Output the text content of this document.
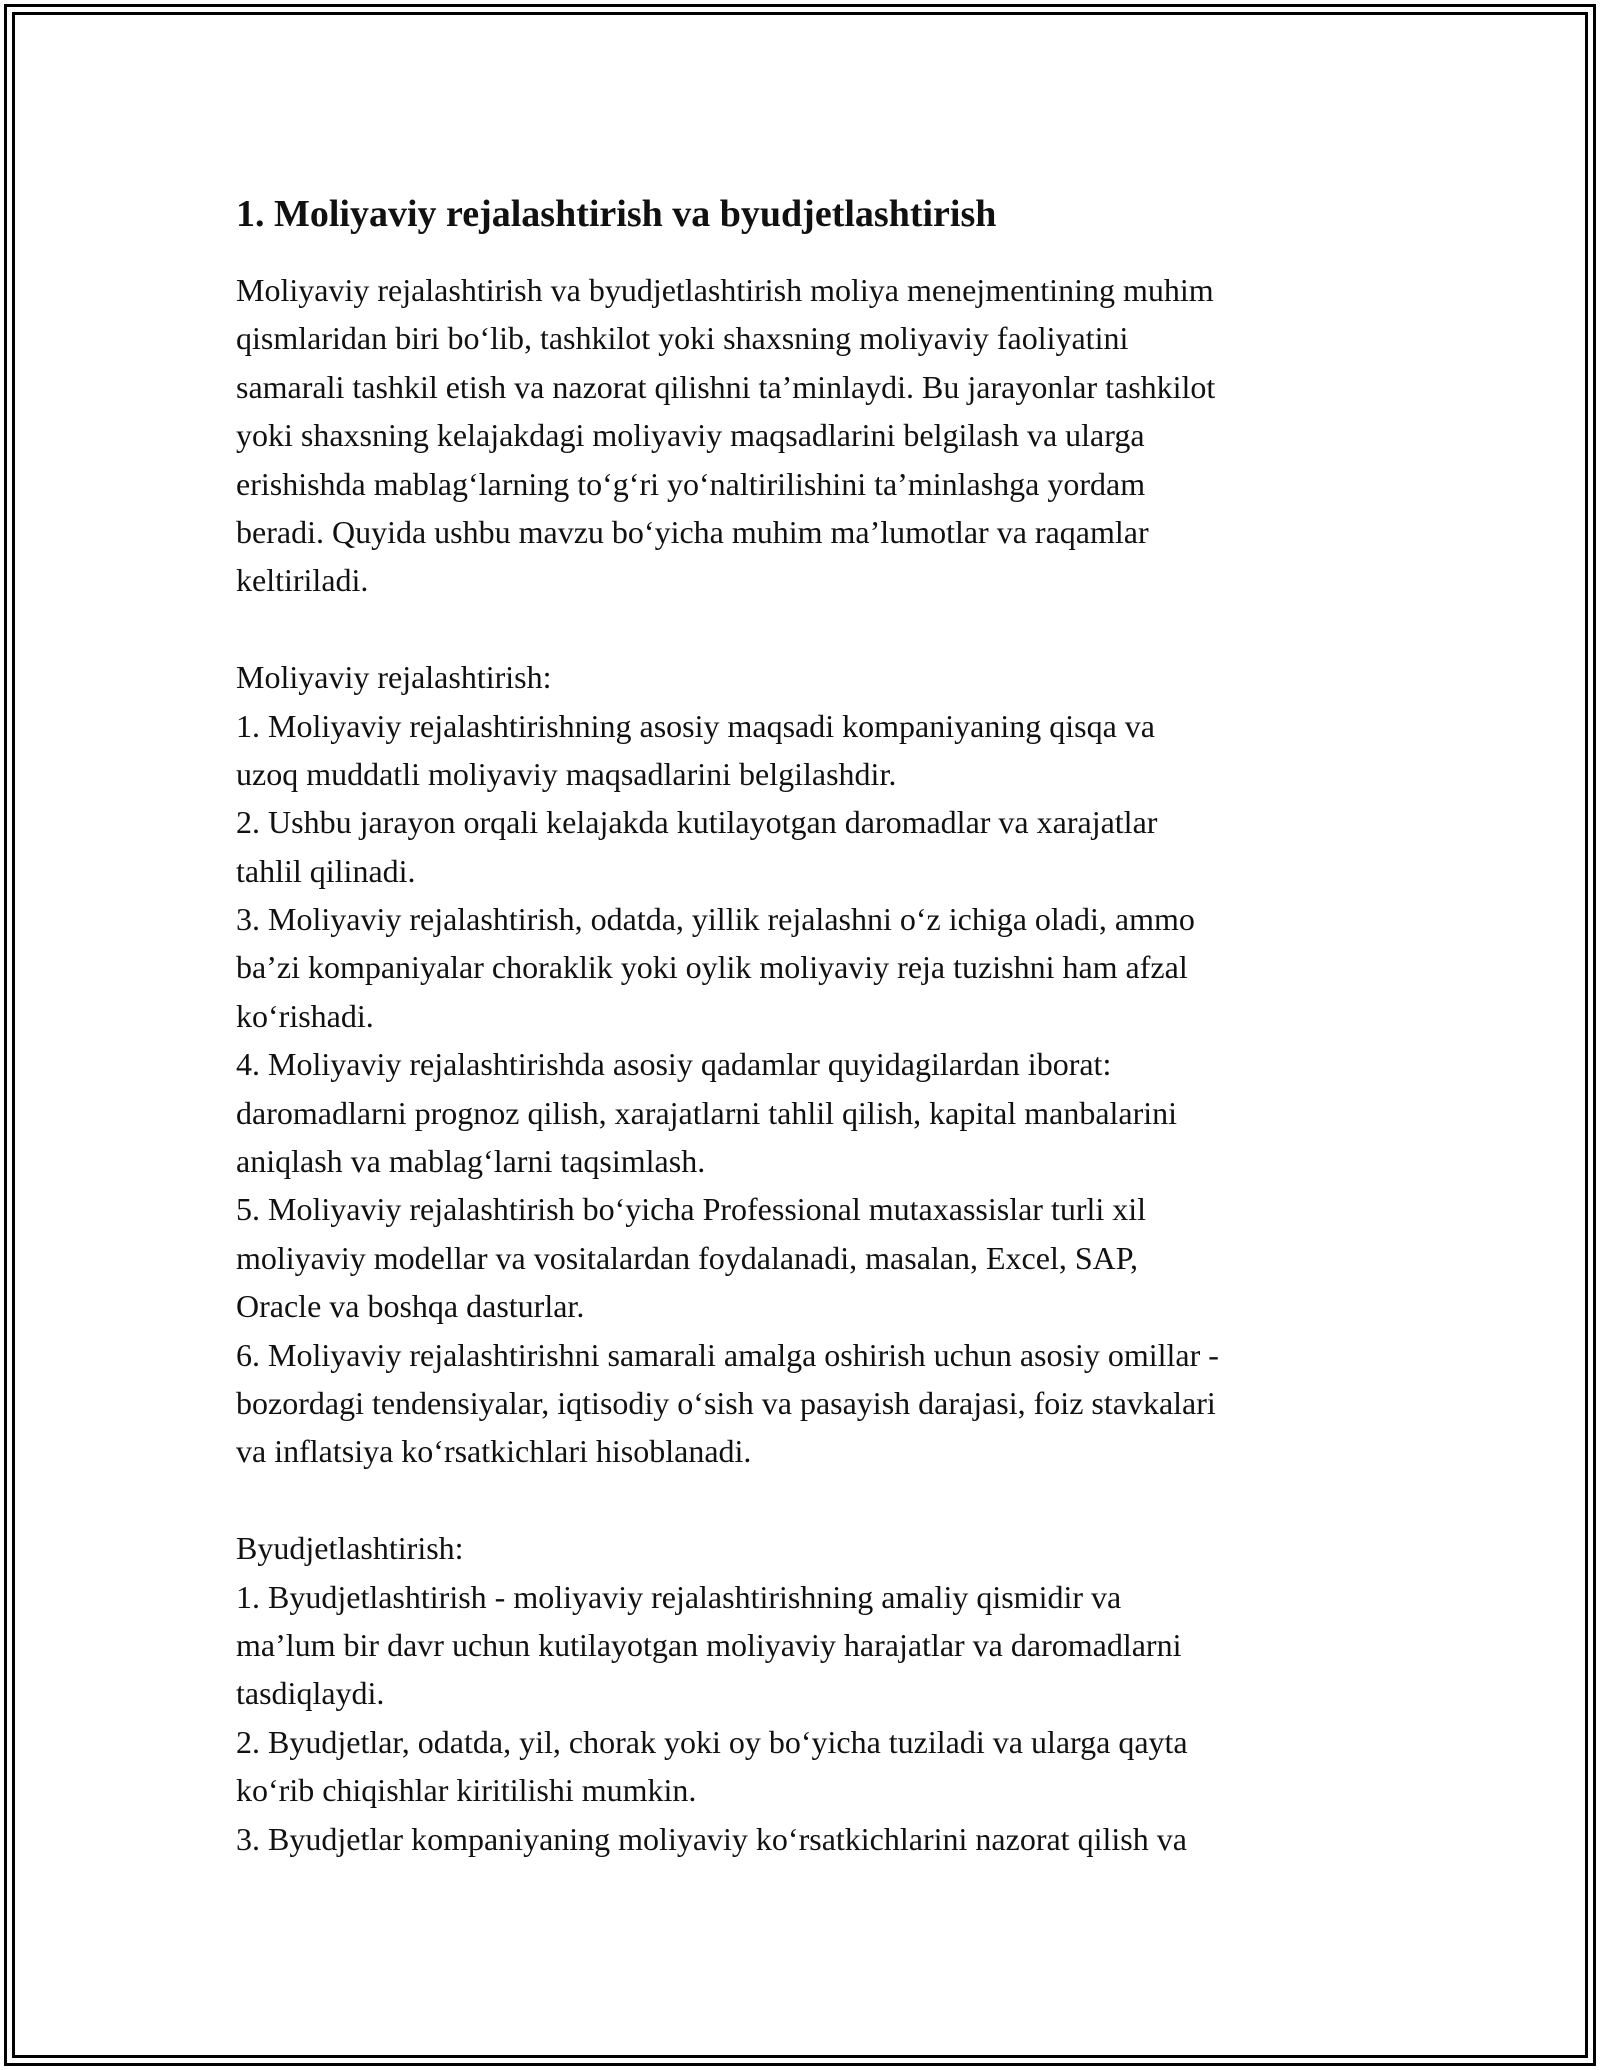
1. Moliyaviy rejalashtirish va byudjetlashtirish
Moliyaviy rejalashtirish va byudjetlashtirish moliya menejmentining muhim
qismlaridan biri bo‘lib, tashkilot yoki shaxsning moliyaviy faoliyatini
samarali tashkil etish va nazorat qilishni ta’minlaydi. Bu jarayonlar tashkilot
yoki shaxsning kelajakdagi moliyaviy maqsadlarini belgilash va ularga
erishishda mablag‘larning to‘g‘ri yo‘naltirilishini ta’minlashga yordam
beradi. Quyida ushbu mavzu bo‘yicha muhim ma’lumotlar va raqamlar
keltiriladi.
Moliyaviy rejalashtirish:
1. Moliyaviy rejalashtirishning asosiy maqsadi kompaniyaning qisqa va
uzoq muddatli moliyaviy maqsadlarini belgilashdir.
2. Ushbu jarayon orqali kelajakda kutilayotgan daromadlar va xarajatlar
tahlil qilinadi.
3. Moliyaviy rejalashtirish, odatda, yillik rejalashni o‘z ichiga oladi, ammo
ba’zi kompaniyalar choraklik yoki oylik moliyaviy reja tuzishni ham afzal
ko‘rishadi.
4. Moliyaviy rejalashtirishda asosiy qadamlar quyidagilardan iborat:
daromadlarni prognoz qilish, xarajatlarni tahlil qilish, kapital manbalarini
aniqlash va mablag‘larni taqsimlash.
5. Moliyaviy rejalashtirish bo‘yicha Professional mutaxassislar turli xil
moliyaviy modellar va vositalardan foydalanadi, masalan, Excel, SAP,
Oracle va boshqa dasturlar.
6. Moliyaviy rejalashtirishni samarali amalga oshirish uchun asosiy omillar -
bozordagi tendensiyalar, iqtisodiy o‘sish va pasayish darajasi, foiz stavkalari
va inflatsiya ko‘rsatkichlari hisoblanadi.
Byudjetlashtirish:
1. Byudjetlashtirish - moliyaviy rejalashtirishning amaliy qismidir va
ma’lum bir davr uchun kutilayotgan moliyaviy harajatlar va daromadlarni
tasdiqlaydi.
2. Byudjetlar, odatda, yil, chorak yoki oy bo‘yicha tuziladi va ularga qayta
ko‘rib chiqishlar kiritilishi mumkin.
3. Byudjetlar kompaniyaning moliyaviy ko‘rsatkichlarini nazorat qilish va
